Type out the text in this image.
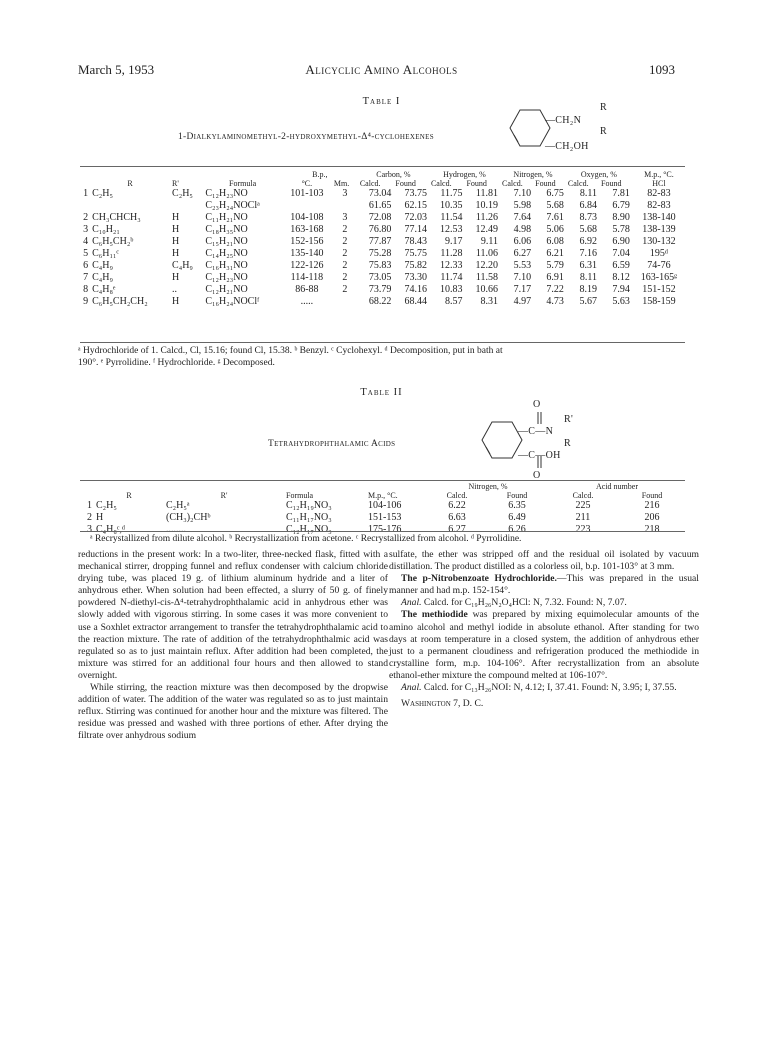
March 5, 1953	Alicyclic Amino Alcohols	1093
Table I
1-Dialkylaminomethyl-2-hydroxymethyl-Δ⁴-cyclohexenes
—CH₂N
R
R
—CH₂OH
				B.p.,		Carbon, %		Hydrogen, %		Nitrogen, %		Oxygen, %		M.p., °C.
	R	R'	Formula	°C.	Mm.	Calcd.	Found	Calcd.	Found	Calcd.	Found	Calcd.	Found	HCl
1	C₂H₅	C₂H₅	C₁₂H₂₃NO	101-103	3	73.04	73.75	11.75	11.81	7.10	6.75	8.11	7.81	82-83
			C₂₃H₂₄NOClᵃ			61.65	62.15	10.35	10.19	5.98	5.68	6.84	6.79	82-83
2	CH₃CHCH₃	H	C₁₁H₂₁NO	104-108	3	72.08	72.03	11.54	11.26	7.64	7.61	8.73	8.90	138-140
3	C₁₀H₂₁	H	C₁₈H₃₅NO	163-168	2	76.80	77.14	12.53	12.49	4.98	5.06	5.68	5.78	138-139
4	C₆H₅CH₂ᵇ	H	C₁₅H₂₁NO	152-156	2	77.87	78.43	9.17	9.11	6.06	6.08	6.92	6.90	130-132
5	C₆H₁₁ᶜ	H	C₁₄H₂₅NO	135-140	2	75.28	75.75	11.28	11.06	6.27	6.21	7.16	7.04	195ᵈ
6	C₄H₉	C₄H₉	C₁₆H₃₁NO	122-126	2	75.83	75.82	12.33	12.20	5.53	5.79	6.31	6.59	74-76
7	C₄H₉	H	C₁₂H₂₃NO	114-118	2	73.05	73.30	11.74	11.58	7.10	6.91	8.11	8.12	163-165ᵍ
8	C₄H₈ᵉ	..	C₁₂H₂₁NO	86-88	2	73.79	74.16	10.83	10.66	7.17	7.22	8.19	7.94	151-152
9	C₆H₅CH₂CH₂	H	C₁₆H₂₄NOClᶠ	.....		68.22	68.44	8.57	8.31	4.97	4.73	5.67	5.63	158-159
ᵃ Hydrochloride of 1. Calcd., Cl, 15.16; found Cl, 15.38. ᵇ Benzyl. ᶜ Cyclohexyl. ᵈ Decomposition, put in bath at
190°. ᵉ Pyrrolidine. ᶠ Hydrochloride. ᵍ Decomposed.
Table II
Tetrahydrophthalamic Acids
O
—C—N
R'
R
—C—OH
O
					Nitrogen, %		Acid number	
	R	R'	Formula	M.p., °C.	Calcd.	Found	Calcd.	Found
1	C₂H₅	C₂H₅ᵃ	C₁₂H₁₉NO₃	104-106	6.22	6.35	225	216
2	H	(CH₃)₂CHᵇ	C₁₁H₁₇NO₃	151-153	6.63	6.49	211	206
3	C₄H₈ᶜ,ᵈ	........	C₁₂H₁₇NO₃	175-176	6.27	6.26	223	218
ᵃ Recrystallized from dilute alcohol. ᵇ Recrystallization from acetone. ᶜ Recrystallized from alcohol. ᵈ Pyrrolidine.

reductions in the present work: In a two-liter, three-necked flask, fitted with a mechanical stirrer, dropping funnel and reflux condenser with calcium chloride drying tube, was placed 19 g. of lithium aluminum hydride and a liter of anhydrous ether. When solution had been effected, a slurry of 50 g. of finely powdered N-diethyl-cis-Δ⁴-tetrahydrophthalamic acid in anhydrous ether was slowly added with vigorous stirring. In some cases it was more convenient to use a Soxhlet extractor arrangement to transfer the tetrahydrophthalamic acid to the reaction mixture. The rate of addition of the tetrahydrophthalmic acid was regulated so as to just maintain reflux. After addition had been completed, the mixture was stirred for an additional four hours and then allowed to stand overnight.

While stirring, the reaction mixture was then decomposed by the dropwise addition of water. The addition of the water was regulated so as to just maintain reflux. Stirring was continued for another hour and the mixture was filtered. The residue was pressed and washed with three portions of ether. After drying the filtrate over anhydrous sodium

sulfate, the ether was stripped off and the residual oil isolated by vacuum distillation. The product distilled as a colorless oil, b.p. 101-103° at 3 mm.

The p-Nitrobenzoate Hydrochloride.—This was prepared in the usual manner and had m.p. 152-154°.

Anal. Calcd. for C₁₉H₂₆N₂O₄HCl: N, 7.32. Found: N, 7.07.

The methiodide was prepared by mixing equimolecular amounts of the amino alcohol and methyl iodide in absolute ethanol. After standing for two days at room temperature in a closed system, the addition of anhydrous ether just to a permanent cloudiness and refrigeration produced the methiodide in crystalline form, m.p. 104-106°. After recrystallization from an absolute ethanol-ether mixture the compound melted at 106-107°.

Anal. Calcd. for C₁₃H₂₆NOI: N, 4.12; I, 37.41. Found: N, 3.95; I, 37.55.

Washington 7, D. C.
